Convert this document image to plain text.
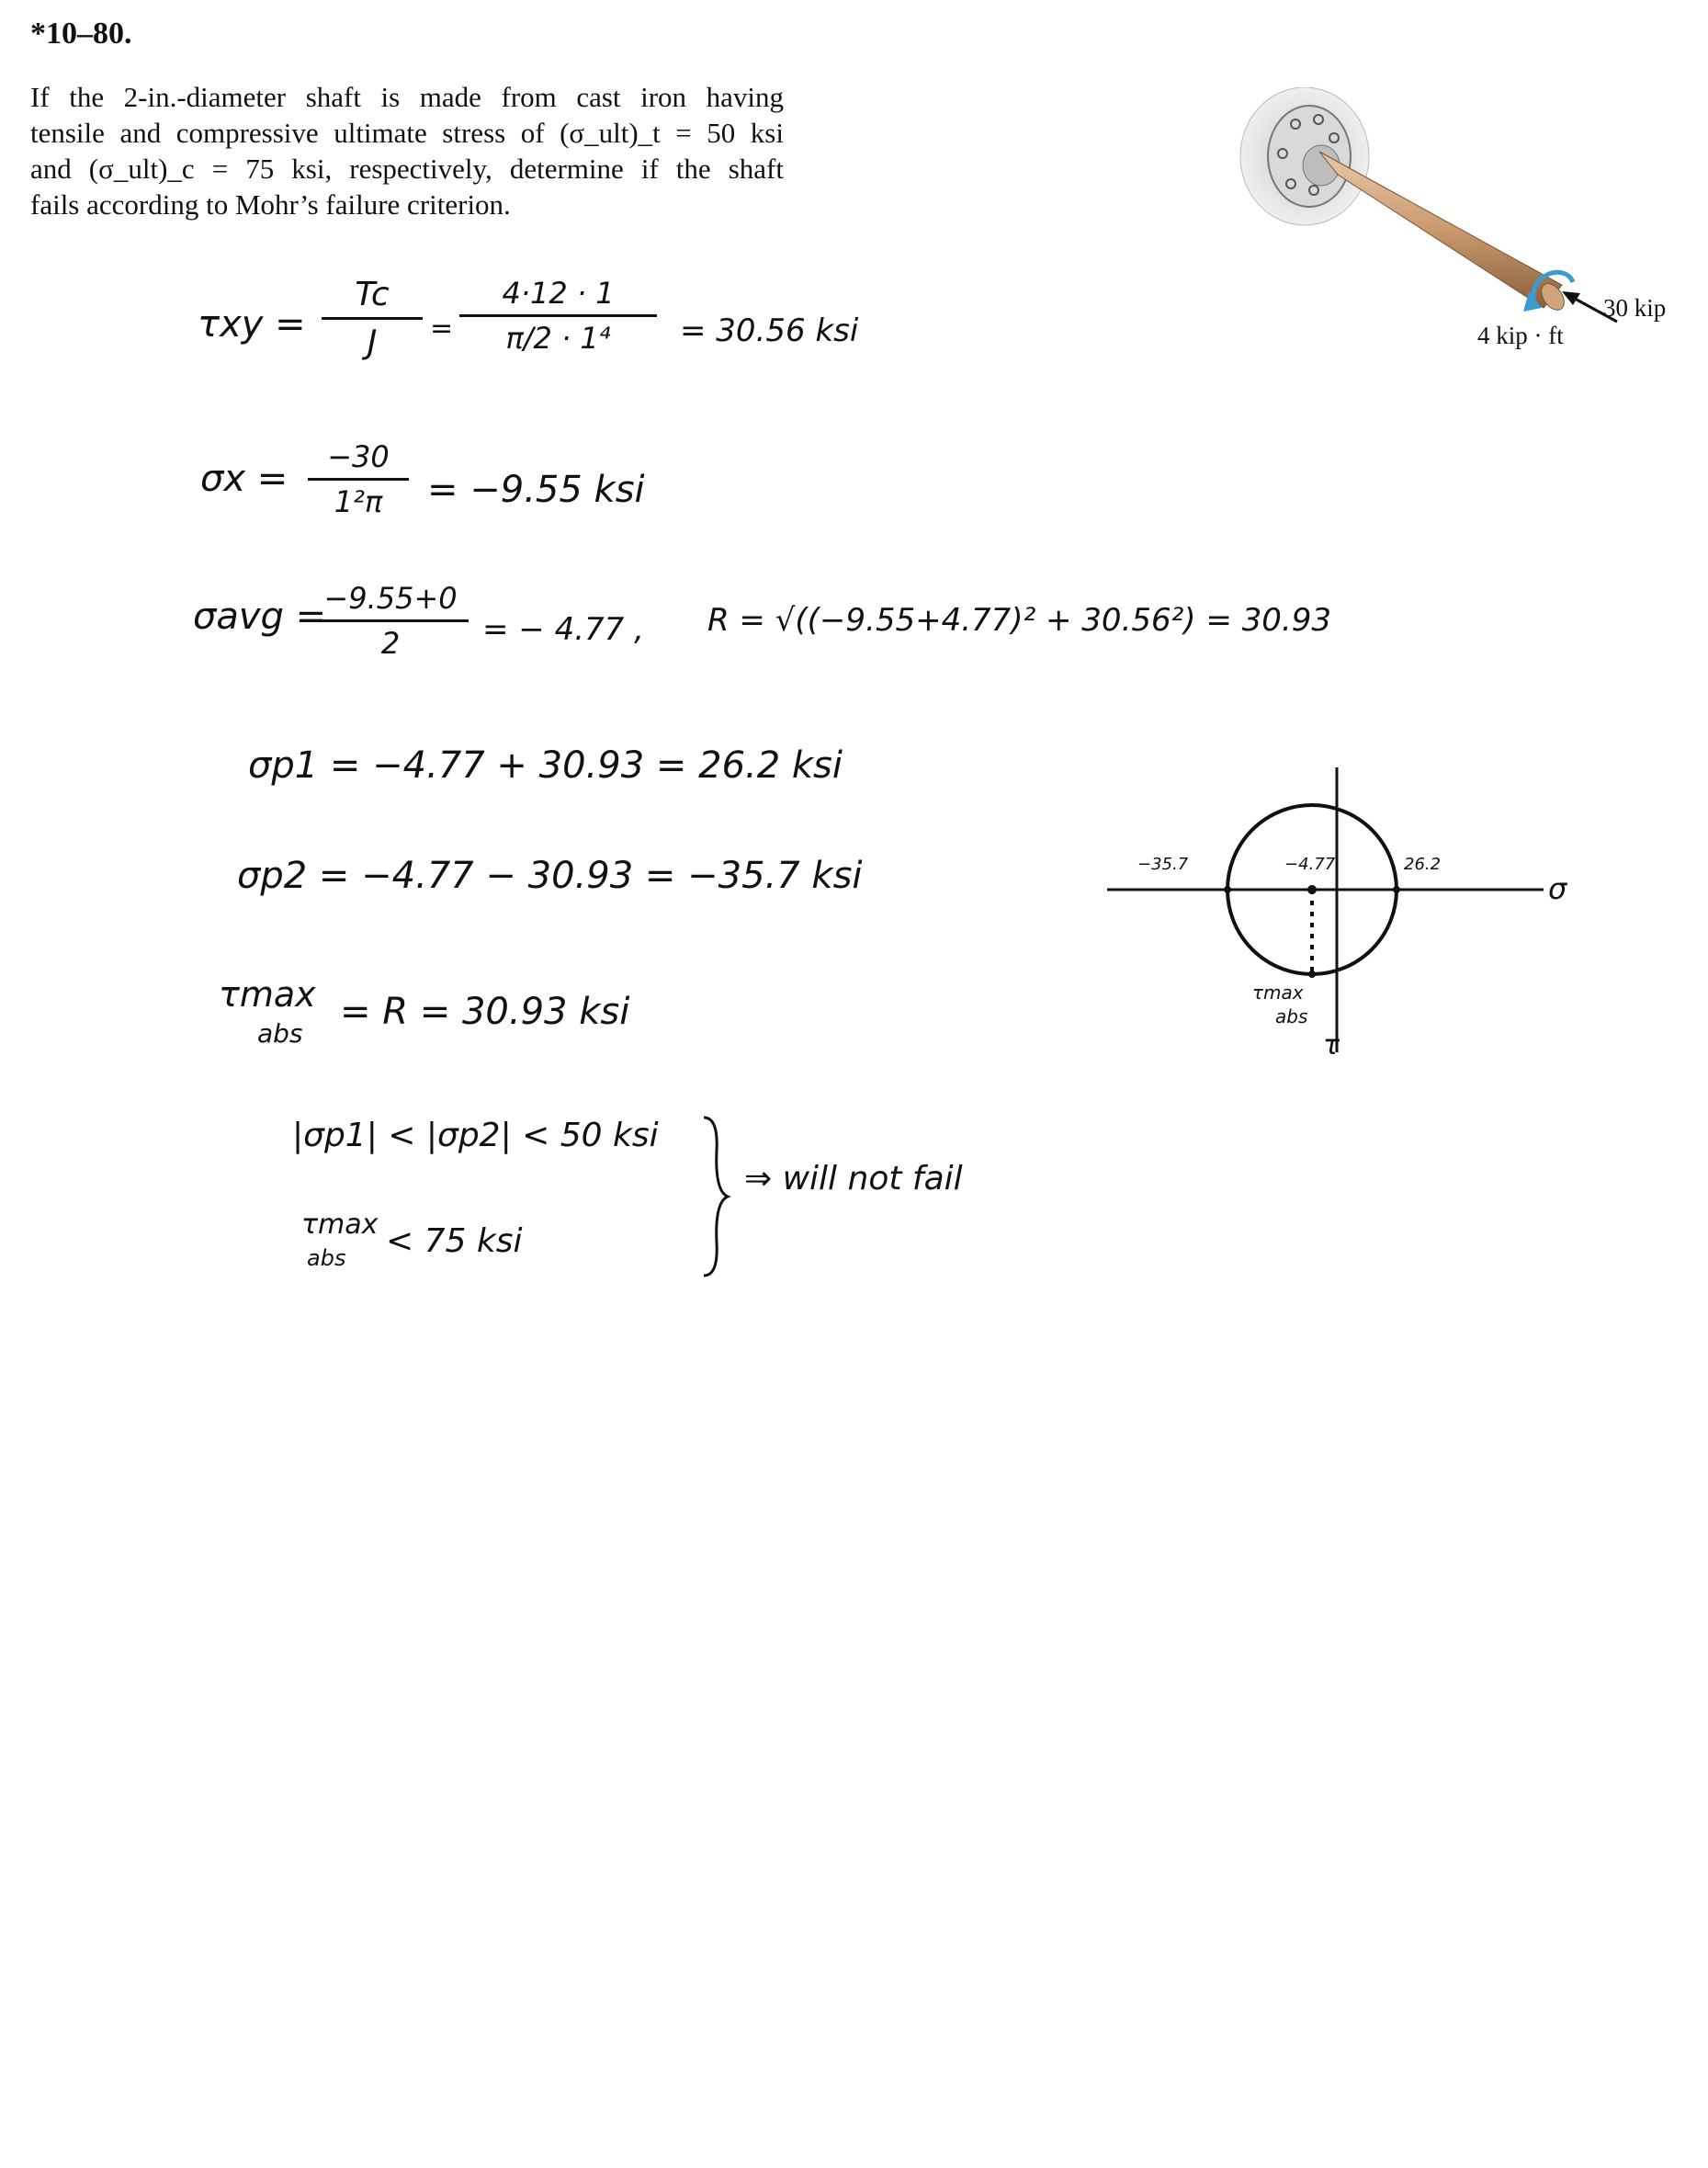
*10–80.
If the 2-in.-diameter shaft is made from cast iron having
tensile and compressive ultimate stress of (σ_ult)_t = 50 ksi
and (σ_ult)_c = 75 ksi, respectively, determine if the shaft
fails according to Mohr’s failure criterion.
30 kip
4 kip · ft
τxy =
Tc
J	=
4·12 · 1
π/2 · 1⁴	= 30.56 ksi
σx =
−30
1²π	= −9.55 ksi
σavg =
−9.55+0
2	= − 4.77 , R = √((−9.55+4.77)² + 30.56²) = 30.93
σp1 = −4.77 + 30.93 = 26.2 ksi
σp2 = −4.77 − 30.93 = −35.7 ksi
τmax
abs
= R = 30.93 ksi
|σp1| < |σp2| < 50 ksi
τmax
abs < 75 ksi
⇒ will not fail
−35.7	−4.77	26.2
σ
τ
τmax
abs
